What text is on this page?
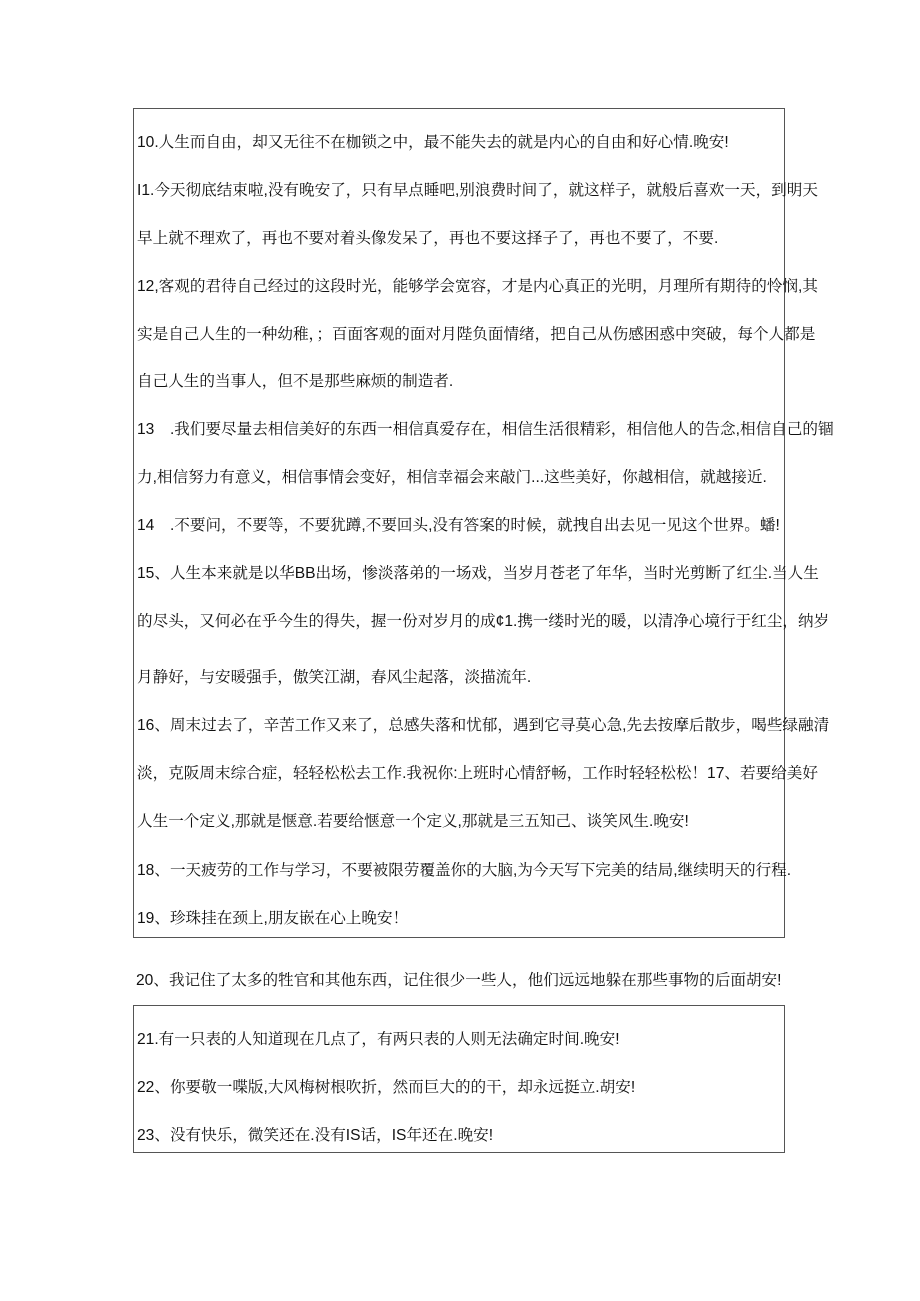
10.人生而自由，却又无往不在枷锁之中，最不能失去的就是内心的自由和好心情.晚安!
I1.今天彻底结束啦,没有晚安了，只有早点睡吧,别浪费时间了，就这样子，就般后喜欢一天，到明天
早上就不理欢了，再也不要对着头像发呆了，再也不要这择子了，再也不要了，不要.
12,客观的君待自己经过的这段时光，能够学会宽容，才是内心真正的光明，月理所有期待的怜悯,其
实是自己人生的一种幼稚，；百面客观的面对月陛负面情绪，把自己从伤感困惑中突破，每个人都是
自己人生的当事人，但不是那些麻烦的制造者.
13　.我们要尽量去相信美好的东西一相信真爱存在，相信生活很精彩，相信他人的告念,相信自己的锢
力,相信努力有意义，相信事情会变好，相信幸福会来敲门...这些美好，你越相信，就越接近.
14　.不要问，不要等，不要犹蹲,不要回头,没有答案的时候，就拽自出去见一见这个世界。蟠!
15、人生本来就是以华BB出场，惨淡落弟的一场戏，当岁月苍老了年华，当时光剪断了红尘.当人生
的尽头，又何必在乎今生的得失，握一份对岁月的成¢1.携一缕时光的暖，以清净心境行于红尘，纳岁
月静好，与安暖强手，傲笑江湖，春风尘起落，淡描流年.
16、周末过去了，辛苦工作又来了，总感失落和忧郁，遇到它寻莫心急,先去按摩后散步，喝些绿融清
淡，克阪周末综合症，轻轻松松去工作.我祝你:上班时心情舒畅，工作时轻轻松松！17、若要给美好
人生一个定义,那就是惬意.若要给惬意一个定义,那就是三五知己、谈笑风生.晚安!
18、一天疲劳的工作与学习，不要被限劳覆盖你的大脑,为今天写下完美的结局,继续明天的行程.
19、珍珠挂在颈上,朋友嵌在心上晚安！
20、我记住了太多的牲官和其他东西，记住很少一些人，他们远远地躲在那些事物的后面胡安!
21.有一只表的人知道现在几点了，有两只表的人则无法确定时间.晚安!
22、你要敬一喋版,大风梅树根吹折，然而巨大的的干，却永远挺立.胡安!
23、没有快乐，微笑还在.没有IS话，IS年还在.晚安!
